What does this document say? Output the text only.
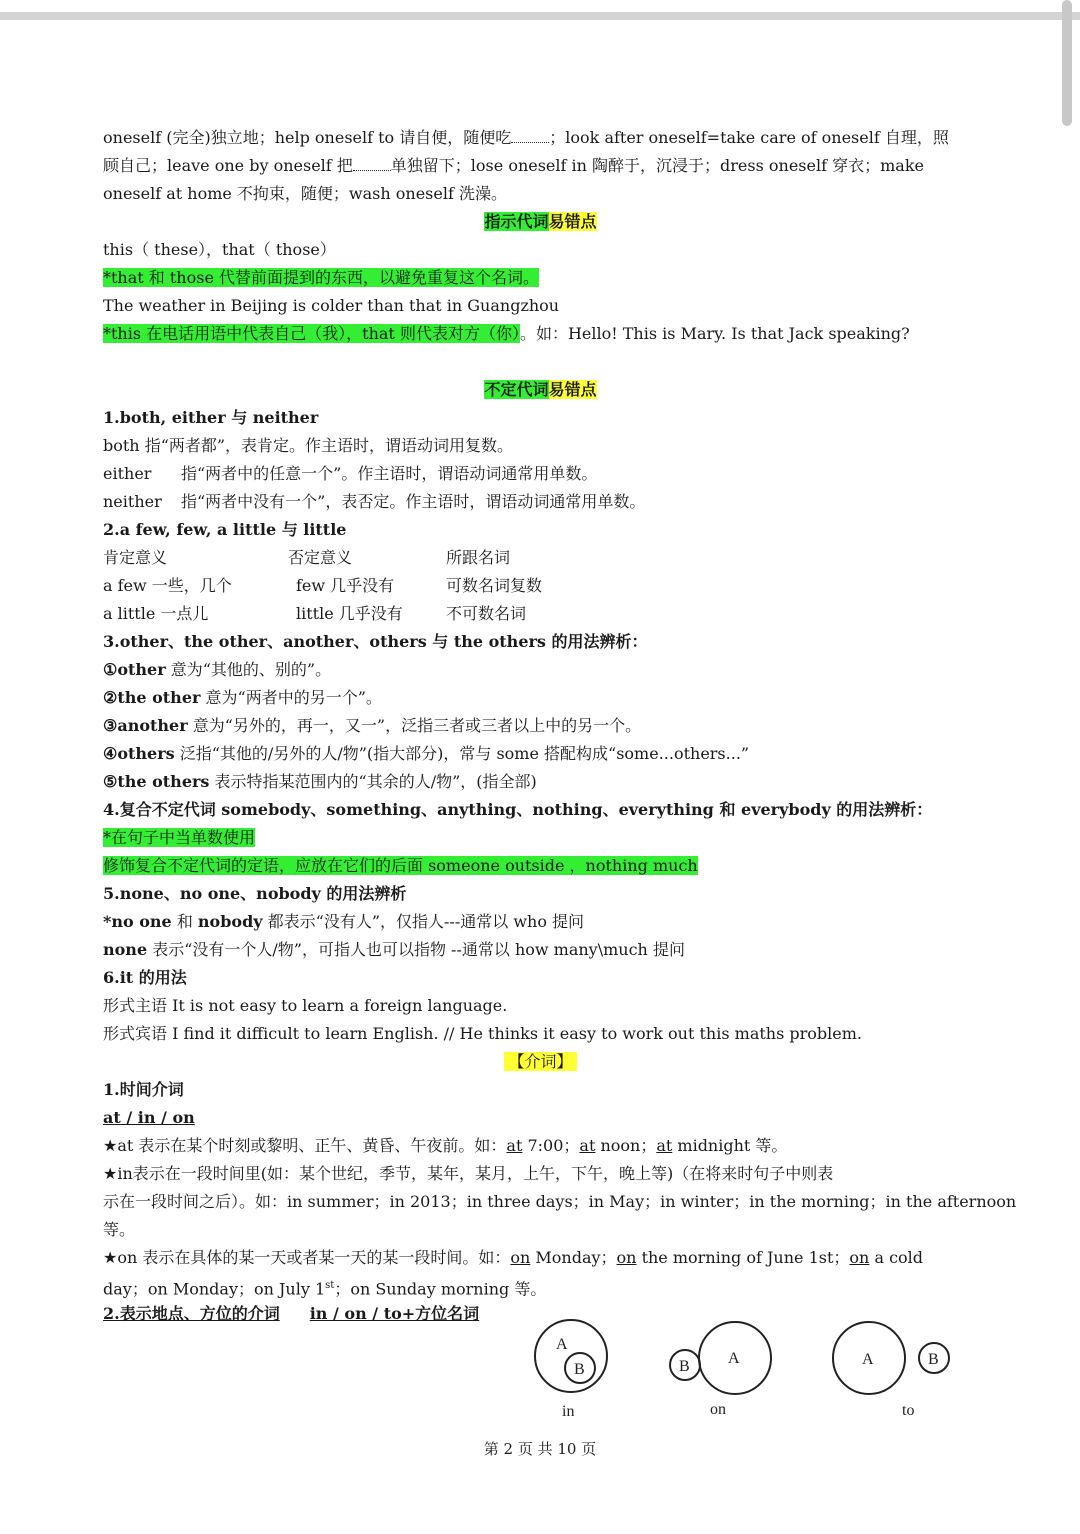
oneself (完全)独立地；help oneself to 请自便，随便吃 ；look after oneself=take care of oneself 自理，照
顾自己；leave one by oneself 把 单独留下；lose oneself in 陶醉于，沉浸于；dress oneself 穿衣；make
oneself at home 不拘束，随便；wash oneself 洗澡。
指示代词易错点
this（ these），that（ those）
*that 和 those 代替前面提到的东西，以避免重复这个名词。
The weather in Beijing is colder than that in Guangzhou
*this 在电话用语中代表自己（我），that 则代表对方（你）。如：Hello! This is Mary. Is that Jack speaking?
不定代词易错点
1.both, either 与 neither
both 指“两者都”，表肯定。作主语时，谓语动词用复数。
either 指“两者中的任意一个”。作主语时，谓语动词通常用单数。
neither 指“两者中没有一个”，表否定。作主语时，谓语动词通常用单数。
2.a few, few, a little 与 little
肯定意义	否定意义	所跟名词
a few 一些，几个	few 几乎没有	可数名词复数
a little 一点儿	little 几乎没有	不可数名词
3.other、the other、another、others 与 the others 的用法辨析：
①other 意为“其他的、别的”。
②the other 意为“两者中的另一个”。
③another 意为“另外的，再一，又一”，泛指三者或三者以上中的另一个。
④others 泛指“其他的/另外的人/物”(指大部分)，常与 some 搭配构成“some...others...”
⑤the others 表示特指某范围内的“其余的人/物”，(指全部)
4.复合不定代词 somebody、something、anything、nothing、everything 和 everybody 的用法辨析：
*在句子中当单数使用
修饰复合不定代词的定语，应放在它们的后面 someone outside ，nothing much
5.none、no one、nobody 的用法辨析
*no one 和 nobody 都表示“没有人”，仅指人---通常以 who 提问
none 表示“没有一个人/物”，可指人也可以指物 --通常以 how many\much 提问
6.it 的用法
形式主语 It is not easy to learn a foreign language.
形式宾语 I find it difficult to learn English. // He thinks it easy to work out this maths problem.
【介词】
1.时间介词
at / in / on
★at 表示在某个时刻或黎明、正午、黄昏、午夜前。如：at 7:00；at noon；at midnight 等。
★in表示在一段时间里(如：某个世纪，季节，某年，某月，上午，下午，晚上等)（在将来时句子中则表
示在一段时间之后）。如：in summer；in 2013；in three days；in May；in winter；in the morning；in the afternoon
等。
★on 表示在具体的某一天或者某一天的某一段时间。如：on Monday；on the morning of June 1st；on a cold
day；on Monday；on July 1st；on Sunday morning 等。
2.表示地点、方位的介词 in / on / to+方位名词
A
B
in
B A
on
A	B
to
第 2 页 共 10 页
